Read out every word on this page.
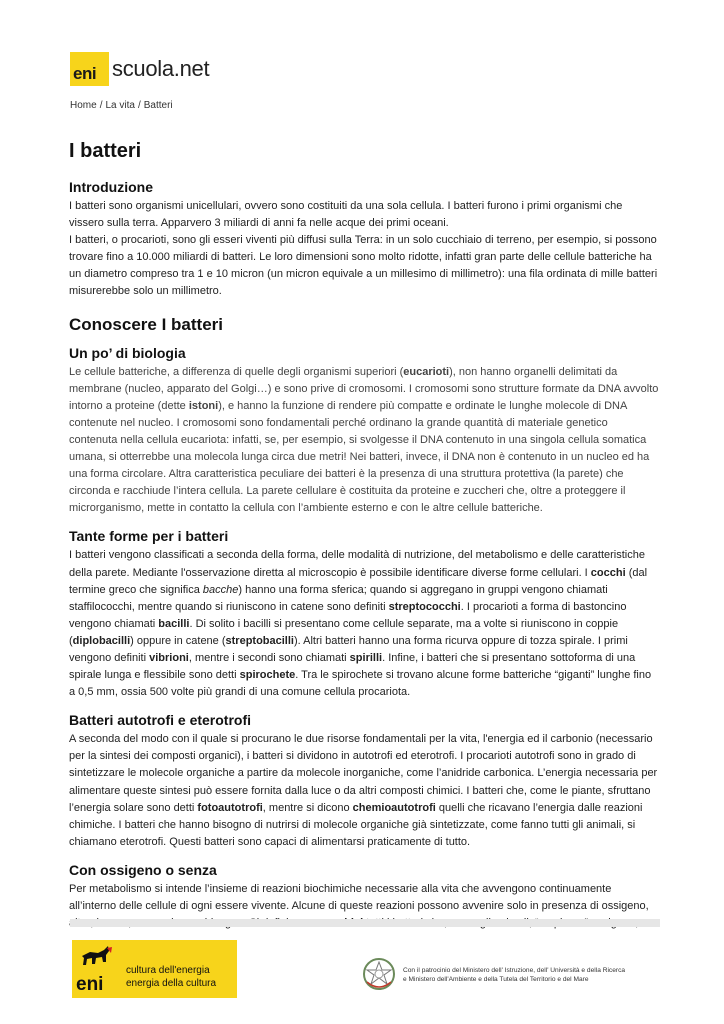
eni scuola.net
Home / La vita / Batteri
I batteri
Introduzione

I batteri sono organismi unicellulari, ovvero sono costituiti da una sola cellula. I batteri furono i primi organismi che vissero sulla terra. Apparvero 3 miliardi di anni fa nelle acque dei primi oceani.

I batteri, o procarioti, sono gli esseri viventi più diffusi sulla Terra: in un solo cucchiaio di terreno, per esempio, si possono trovare fino a 10.000 miliardi di batteri. Le loro dimensioni sono molto ridotte, infatti gran parte delle cellule batteriche ha un diametro compreso tra 1 e 10 micron (un micron equivale a un millesimo di millimetro): una fila ordinata di mille batteri misurerebbe solo un millimetro.

Conoscere I batteri
Un po’ di biologia

Le cellule batteriche, a differenza di quelle degli organismi superiori (eucarioti), non hanno organelli delimitati da membrane (nucleo, apparato del Golgi…) e sono prive di cromosomi. I cromosomi sono strutture formate da DNA avvolto intorno a proteine (dette istoni), e hanno la funzione di rendere più compatte e ordinate le lunghe molecole di DNA contenute nel nucleo. I cromosomi sono fondamentali perché ordinano la grande quantità di materiale genetico contenuta nella cellula eucariota: infatti, se, per esempio, si svolgesse il DNA contenuto in una singola cellula somatica umana, si otterrebbe una molecola lunga circa due metri! Nei batteri, invece, il DNA non è contenuto in un nucleo ed ha una forma circolare. Altra caratteristica peculiare dei batteri è la presenza di una struttura protettiva (la parete) che circonda e racchiude l’intera cellula. La parete cellulare è costituita da proteine e zuccheri che, oltre a proteggere il microrganismo, mette in contatto la cellula con l’ambiente esterno e con le altre cellule batteriche.

Tante forme per i batteri

I batteri vengono classificati a seconda della forma, delle modalità di nutrizione, del metabolismo e delle caratteristiche della parete. Mediante l'osservazione diretta al microscopio è possibile identificare diverse forme cellulari. I cocchi (dal termine greco che significa bacche) hanno una forma sferica; quando si aggregano in gruppi vengono chiamati staffilococchi, mentre quando si riuniscono in catene sono definiti streptococchi. I procarioti a forma di bastoncino vengono chiamati bacilli. Di solito i bacilli si presentano come cellule separate, ma a volte si riuniscono in coppie (diplobacilli) oppure in catene (streptobacilli). Altri batteri hanno una forma ricurva oppure di tozza spirale. I primi vengono definiti vibrioni, mentre i secondi sono chiamati spirilli. Infine, i batteri che si presentano sottoforma di una spirale lunga e flessibile sono detti spirochete. Tra le spirochete si trovano alcune forme batteriche “giganti” lunghe fino a 0,5 mm, ossia 500 volte più grandi di una comune cellula procariota.

Batteri autotrofi e eterotrofi

A seconda del modo con il quale si procurano le due risorse fondamentali per la vita, l'energia ed il carbonio (necessario per la sintesi dei composti organici), i batteri si dividono in autotrofi ed eterotrofi. I procarioti autotrofi sono in grado di sintetizzare le molecole organiche a partire da molecole inorganiche, come l’anidride carbonica. L’energia necessaria per alimentare queste sintesi può essere fornita dalla luce o da altri composti chimici. I batteri che, come le piante, sfruttano l’energia solare sono detti fotoautotrofi, mentre si dicono chemioautotrofi quelli che ricavano l’energia dalle reazioni chimiche. I batteri che hanno bisogno di nutrirsi di molecole organiche già sintetizzate, come fanno tutti gli animali, si chiamano eterotrofi. Questi batteri sono capaci di alimentarsi praticamente di tutto.

Con ossigeno o senza

Per metabolismo si intende l’insieme di reazioni biochimiche necessarie alla vita che avvengono continuamente all’interno delle cellule di ogni essere vivente. Alcune di queste reazioni possono avvenire solo in presenza di ossigeno,

eni
cultura dell'energia
energia della cultura
Con il patrocinio del Ministero dell' Istruzione, dell' Università e della Ricerca
e Ministero dell'Ambiente e della Tutela del Territorio e del Mare
